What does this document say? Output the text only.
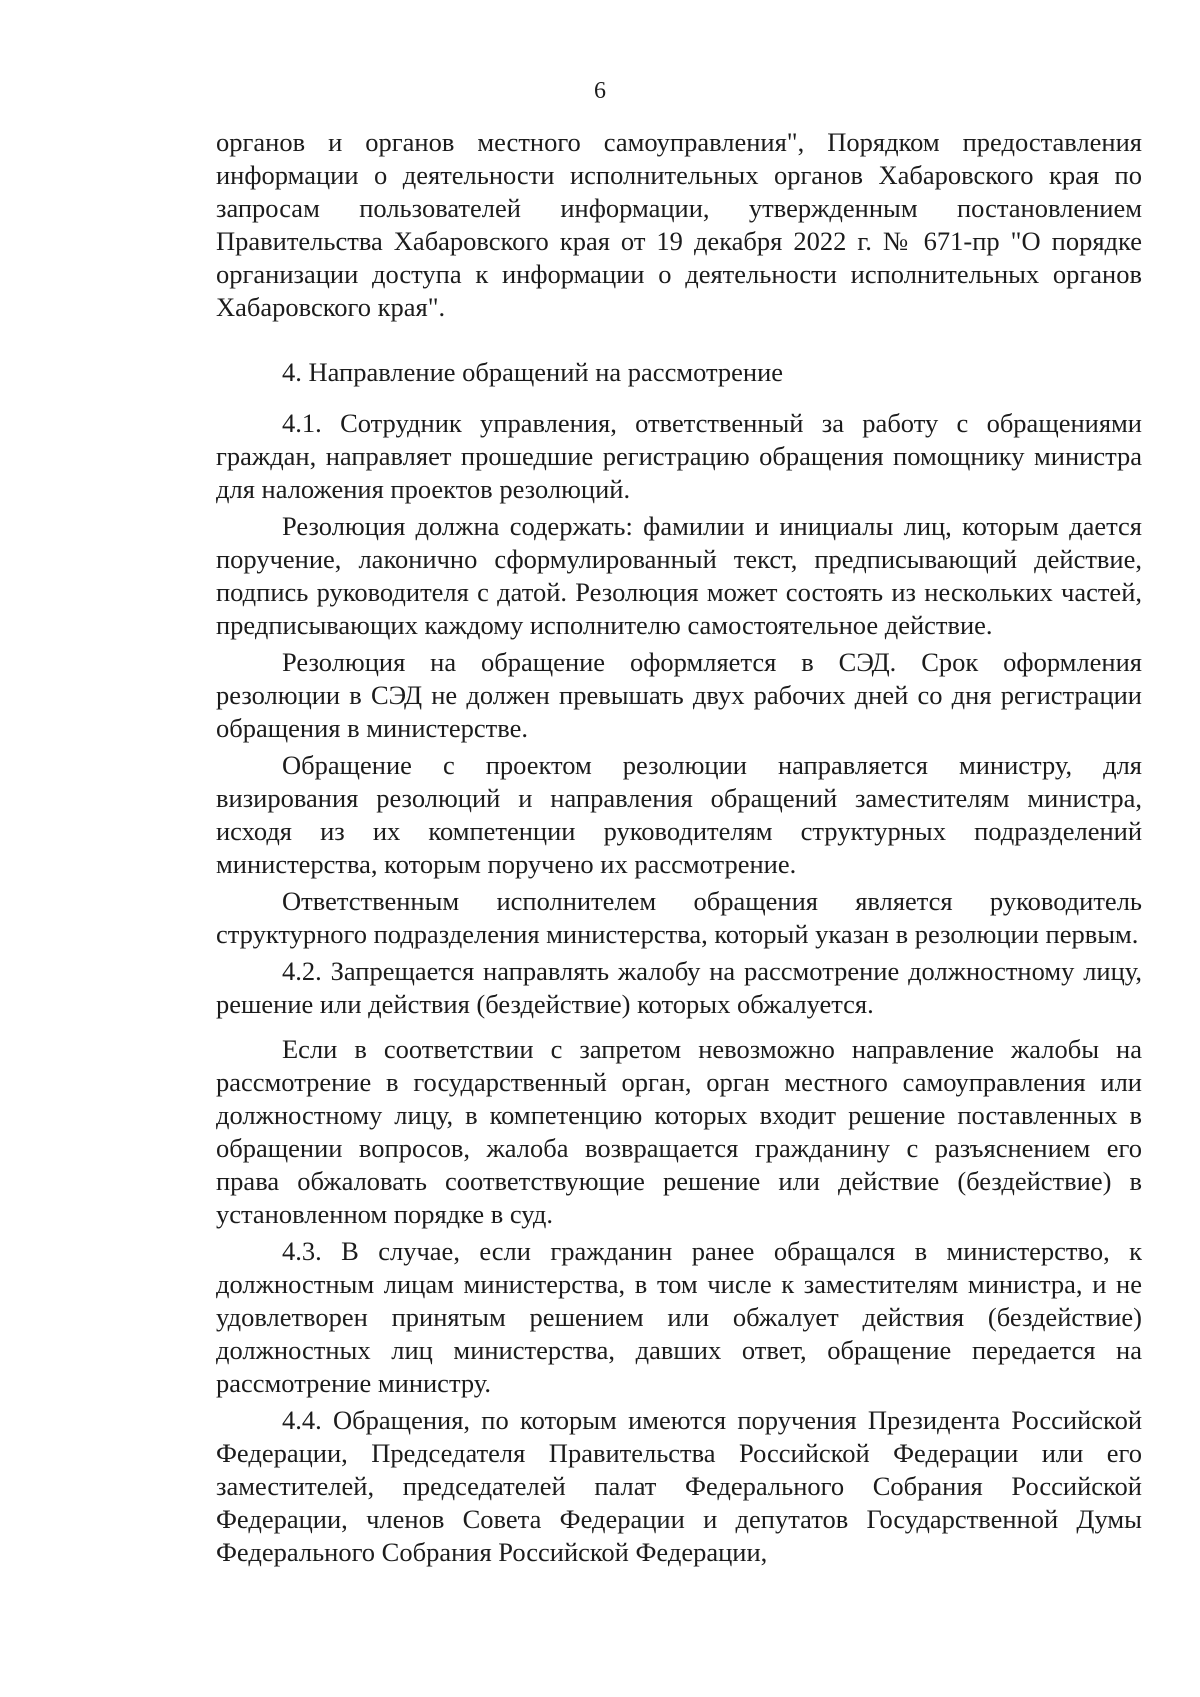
6

органов и органов местного самоуправления", Порядком предоставления информации о деятельности исполнительных органов Хабаровского края по запросам пользователей информации, утвержденным постановлением Правительства Хабаровского края от 19 декабря 2022 г. № 671-пр "О порядке организации доступа к информации о деятельности исполнительных органов Хабаровского края".

4. Направление обращений на рассмотрение

4.1. Сотрудник управления, ответственный за работу с обращениями граждан, направляет прошедшие регистрацию обращения помощнику министра для наложения проектов резолюций.

Резолюция должна содержать: фамилии и инициалы лиц, которым дается поручение, лаконично сформулированный текст, предписывающий действие, подпись руководителя с датой. Резолюция может состоять из нескольких частей, предписывающих каждому исполнителю самостоятельное действие.

Резолюция на обращение оформляется в СЭД. Срок оформления резолюции в СЭД не должен превышать двух рабочих дней со дня регистрации обращения в министерстве.

Обращение с проектом резолюции направляется министру, для визирования резолюций и направления обращений заместителям министра, исходя из их компетенции руководителям структурных подразделений министерства, которым поручено их рассмотрение.

Ответственным исполнителем обращения является руководитель структурного подразделения министерства, который указан в резолюции первым.

4.2. Запрещается направлять жалобу на рассмотрение должностному лицу, решение или действия (бездействие) которых обжалуется.

Если в соответствии с запретом невозможно направление жалобы на рассмотрение в государственный орган, орган местного самоуправления или должностному лицу, в компетенцию которых входит решение поставленных в обращении вопросов, жалоба возвращается гражданину с разъяснением его права обжаловать соответствующие решение или действие (бездействие) в установленном порядке в суд.

4.3. В случае, если гражданин ранее обращался в министерство, к должностным лицам министерства, в том числе к заместителям министра, и не удовлетворен принятым решением или обжалует действия (бездействие) должностных лиц министерства, давших ответ, обращение передается на рассмотрение министру.

4.4. Обращения, по которым имеются поручения Президента Российской Федерации, Председателя Правительства Российской Федерации или его заместителей, председателей палат Федерального Собрания Российской Федерации, членов Совета Федерации и депутатов Государственной Думы Федерального Собрания Российской Федерации,
